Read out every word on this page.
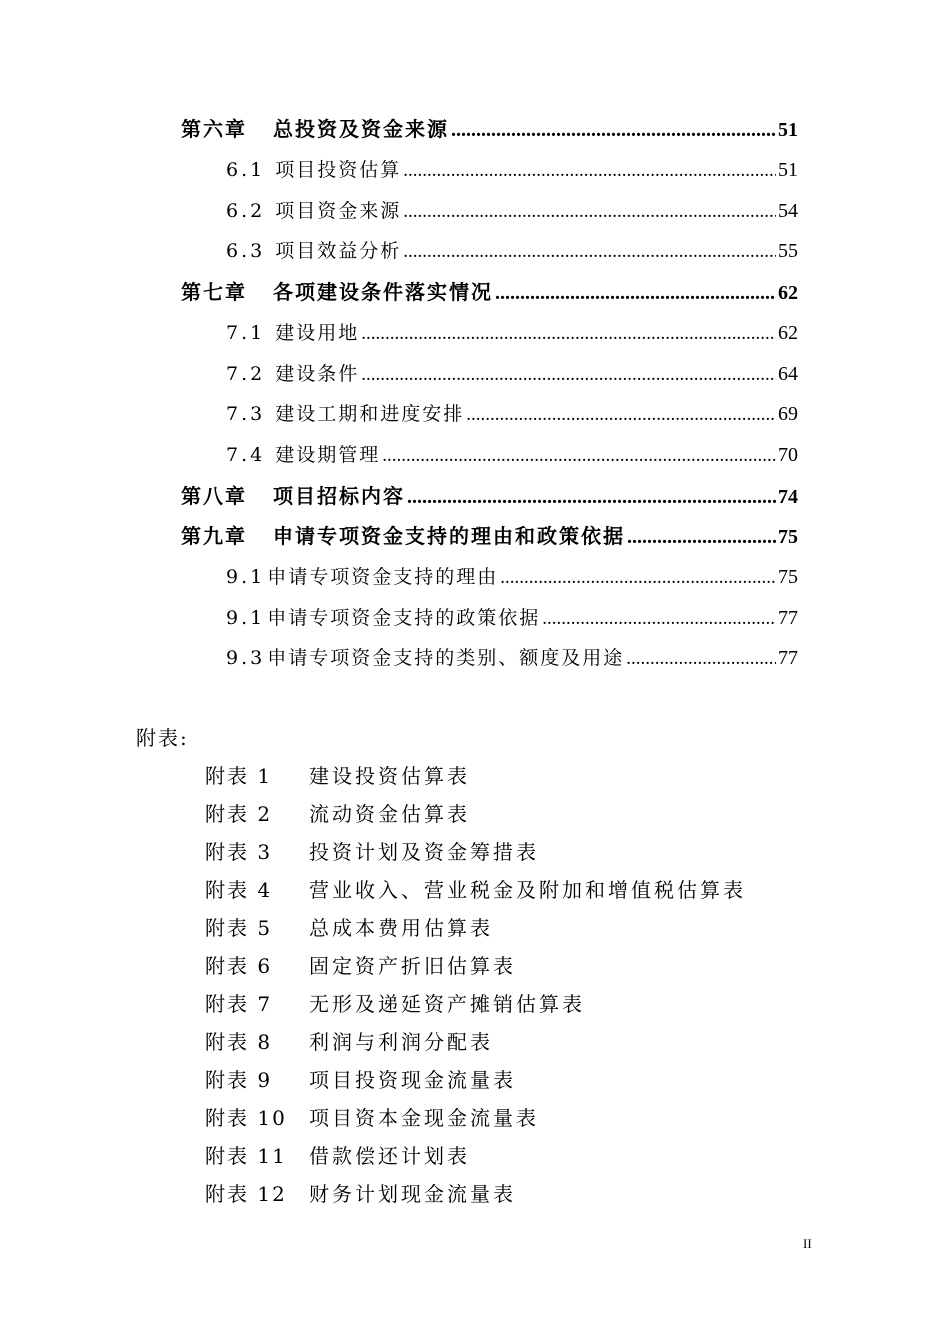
第六章 总投资及资金来源 .....	51
6.1 项目投资估算 .....	51
6.2 项目资金来源 .....	54
6.3 项目效益分析 .....	55
第七章 各项建设条件落实情况 .....	62
7.1 建设用地 .....	62
7.2 建设条件 .....	64
7.3 建设工期和进度安排 .....	69
7.4 建设期管理 .....	70
第八章 项目招标内容 .....	74
第九章 申请专项资金支持的理由和政策依据 .....	75
9.1 申请专项资金支持的理由 .....	75
9.1 申请专项资金支持的政策依据 .....	77
9.3 申请专项资金支持的类别、额度及用途 .....	77
附表:
附表 1 建设投资估算表
附表 2 流动资金估算表
附表 3 投资计划及资金筹措表
附表 4 营业收入、营业税金及附加和增值税估算表
附表 5 总成本费用估算表
附表 6 固定资产折旧估算表
附表 7 无形及递延资产摊销估算表
附表 8 利润与利润分配表
附表 9 项目投资现金流量表
附表 10 项目资本金现金流量表
附表 11 借款偿还计划表
附表 12 财务计划现金流量表
II
